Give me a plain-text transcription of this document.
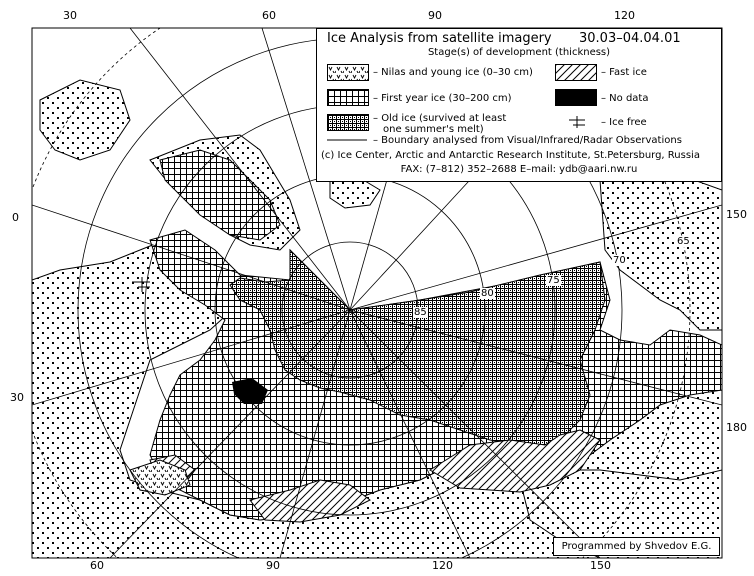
85
80
75
70
65
30	60	90	120
60	90	120	150
0
30
150
180
Ice Analysis from satellite imagery 30.03–04.04.01
Stage(s) of development (thickness)
– Nilas and young ice (0–30 cm)	– Fast ice
– First year ice (30–200 cm)	– No data
– Old ice (survived at least
one summer's melt)
– Ice free
– Boundary analysed from Visual/Infrared/Radar Observations
(c) Ice Center, Arctic and Antarctic Research Institute, St.Petersburg, Russia
FAX: (7–812) 352–2688 E–mail: ydb@aari.nw.ru
Programmed by Shvedov E.G.
